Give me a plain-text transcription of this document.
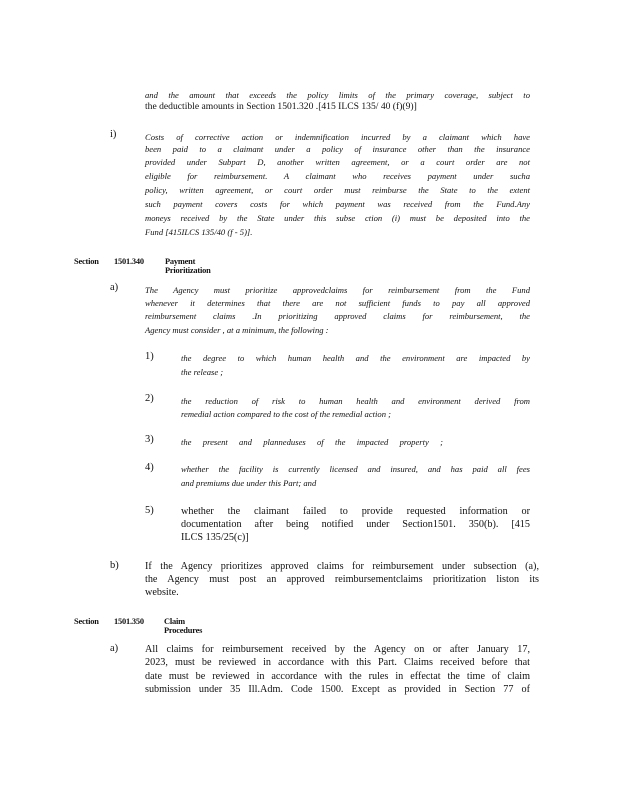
and the amount that exceeds the policy limits of the primary coverage, subject to
the deductible amounts in Section 1501.320 .[415 ILCS 135/ 40 (f)(9)]
i)	Costs of corrective action or indemnification incurred by a claimant which have
been paid to a claimant under a policy of insurance other than the insurance
provided under Subpart D, another written agreement, or a court order are not
eligible for reimbursement. A claimant who receives payment under sucha
policy, written agreement, or court order must reimburse the State to the extent
such payment covers costs for which payment was received from the Fund.Any
moneys received by the State under this subse ction (i) must be deposited into the
Fund [415ILCS 135/40 (f - 5)].
Section 1501.340	Payment Prioritization
a)	The Agency must prioritize approvedclaims for reimbursement from the Fund
whenever it determines that there are not sufficient funds to pay all approved
reimbursement claims .In prioritizing approved claims for reimbursement, the
Agency must consider , at a minimum, the following :
1)	the degree to which human health and the environment are impacted by
the release ;
2)	the reduction of risk to human health and environment derived from
remedial action compared to the cost of the remedial action ;
3)	the present and planneduses of the impacted property ;
4)	whether the facility is currently licensed and insured, and has paid all fees
and premiums due under this Part; and
5)	whether the claimant failed to provide requested information or
documentation after being notified under Section1501. 350(b). [415
ILCS 135/25(c)]
b)	If the Agency prioritizes approved claims for reimbursement under subsection (a),
the Agency must post an approved reimbursementclaims prioritization liston its
website.
Section 1501.350 Claim Procedures
a)	All claims for reimbursement received by the Agency on or after January 17,
2023, must be reviewed in accordance with this Part. Claims received before that
date must be reviewed in accordance with the rules in effectat the time of claim
submission under 35 Ill.Adm. Code 1500. Except as provided in Section 77 of
